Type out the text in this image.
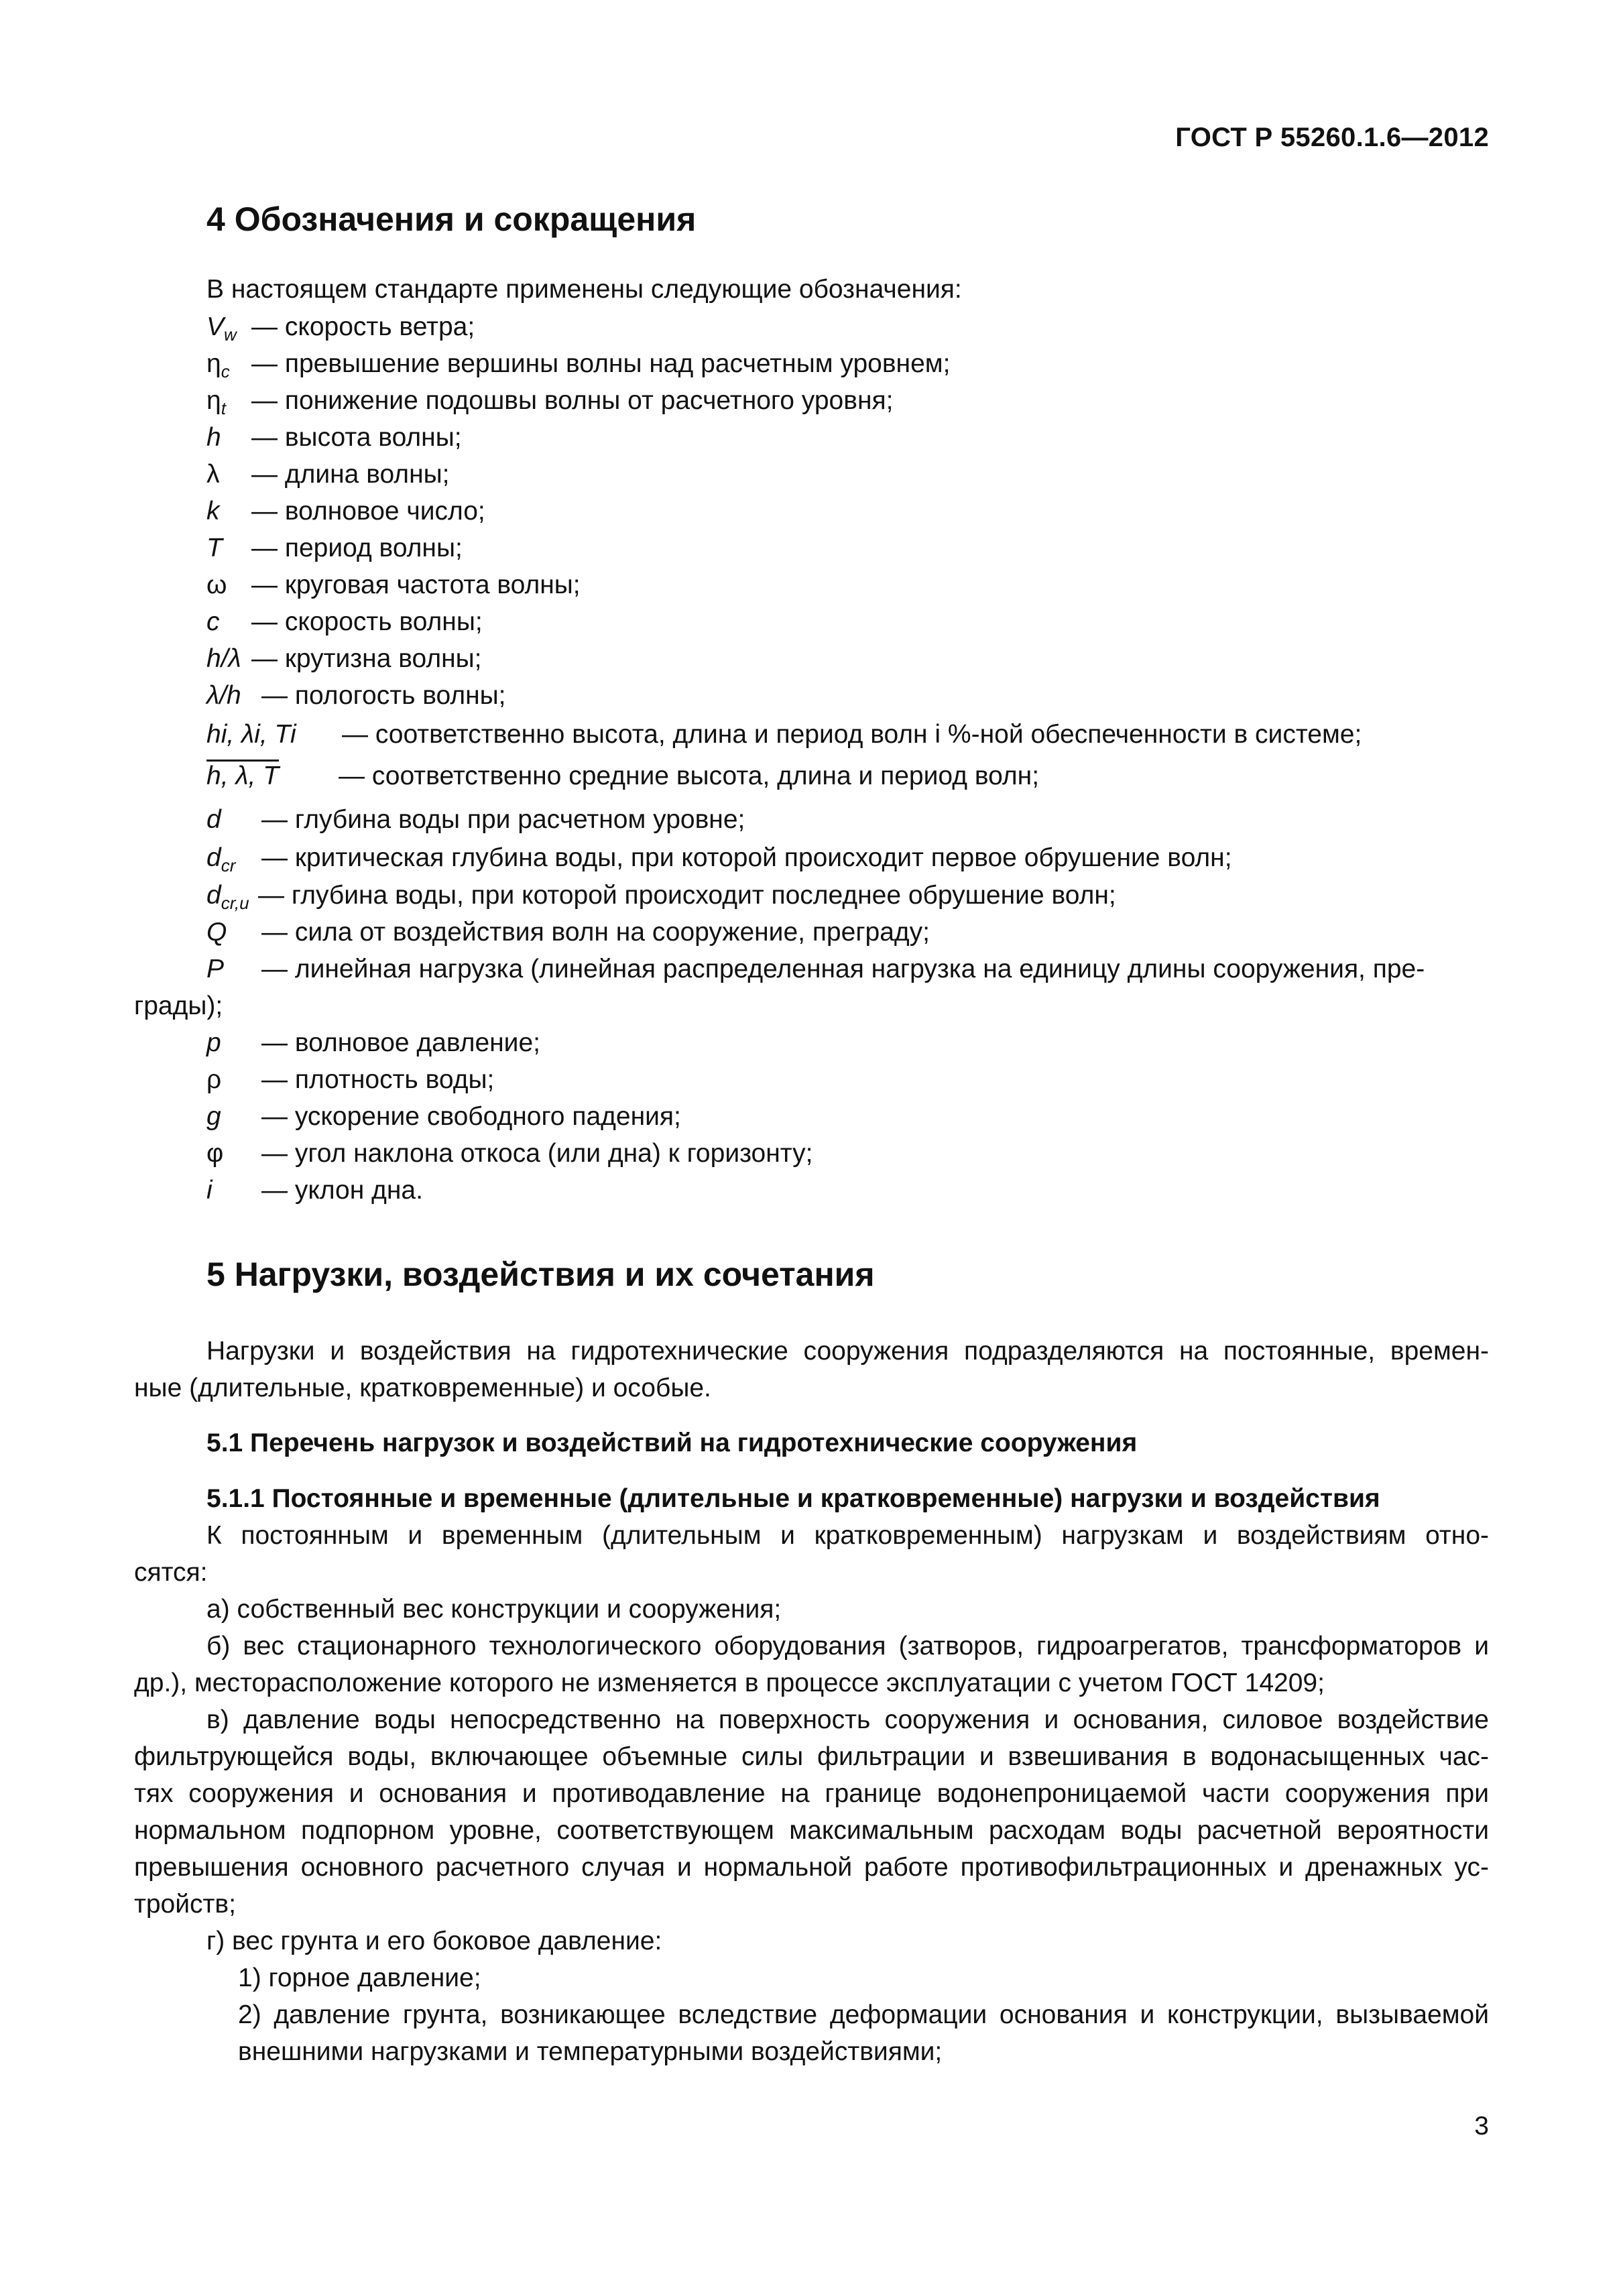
ГОСТ Р 55260.1.6—2012
4 Обозначения и сокращения
В настоящем стандарте применены следующие обозначения:
$V_w$ — скорость ветра;
$\eta_c$ — превышение вершины волны над расчетным уровнем;
$\eta_t$ — понижение подошвы волны от расчетного уровня;
h — высота волны;
λ — длина волны;
k — волновое число;
T — период волны;
ω — круговая частота волны;
c — скорость волны;
h/λ — крутизна волны;
λ/h — пологость волны;
hi, λi, Ti — соответственно высота, длина и период волн i %-ной обеспеченности в системе;
h, λ, T — соответственно средние высота, длина и период волн;
d — глубина воды при расчетном уровне;
$d_{cr}$ — критическая глубина воды, при которой происходит первое обрушение волн;
$d_{cr,u}$ — глубина воды, при которой происходит последнее обрушение волн;
Q — сила от воздействия волн на сооружение, преграду;
P — линейная нагрузка (линейная распределенная нагрузка на единицу длины сооружения, пре-
грады);
p — волновое давление;
ρ — плотность воды;
g — ускорение свободного падения;
φ — угол наклона откоса (или дна) к горизонту;
i — уклон дна.
5 Нагрузки, воздействия и их сочетания
Нагрузки и воздействия на гидротехнические сооружения подразделяются на постоянные, времен-
ные (длительные, кратковременные) и особые.
5.1 Перечень нагрузок и воздействий на гидротехнические сооружения
5.1.1 Постоянные и временные (длительные и кратковременные) нагрузки и воздействия
К постоянным и временным (длительным и кратковременным) нагрузкам и воздействиям отно-
сятся:
а) собственный вес конструкции и сооружения;
б) вес стационарного технологического оборудования (затворов, гидроагрегатов, трансформаторов и
др.), месторасположение которого не изменяется в процессе эксплуатации с учетом ГОСТ 14209;
в) давление воды непосредственно на поверхность сооружения и основания, силовое воздействие
фильтрующейся воды, включающее объемные силы фильтрации и взвешивания в водонасыщенных час-
тях сооружения и основания и противодавление на границе водонепроницаемой части сооружения при
нормальном подпорном уровне, соответствующем максимальным расходам воды расчетной вероятности
превышения основного расчетного случая и нормальной работе противофильтрационных и дренажных ус-
тройств;
г) вес грунта и его боковое давление:
1) горное давление;
2) давление грунта, возникающее вследствие деформации основания и конструкции, вызываемой
внешними нагрузками и температурными воздействиями;
3
